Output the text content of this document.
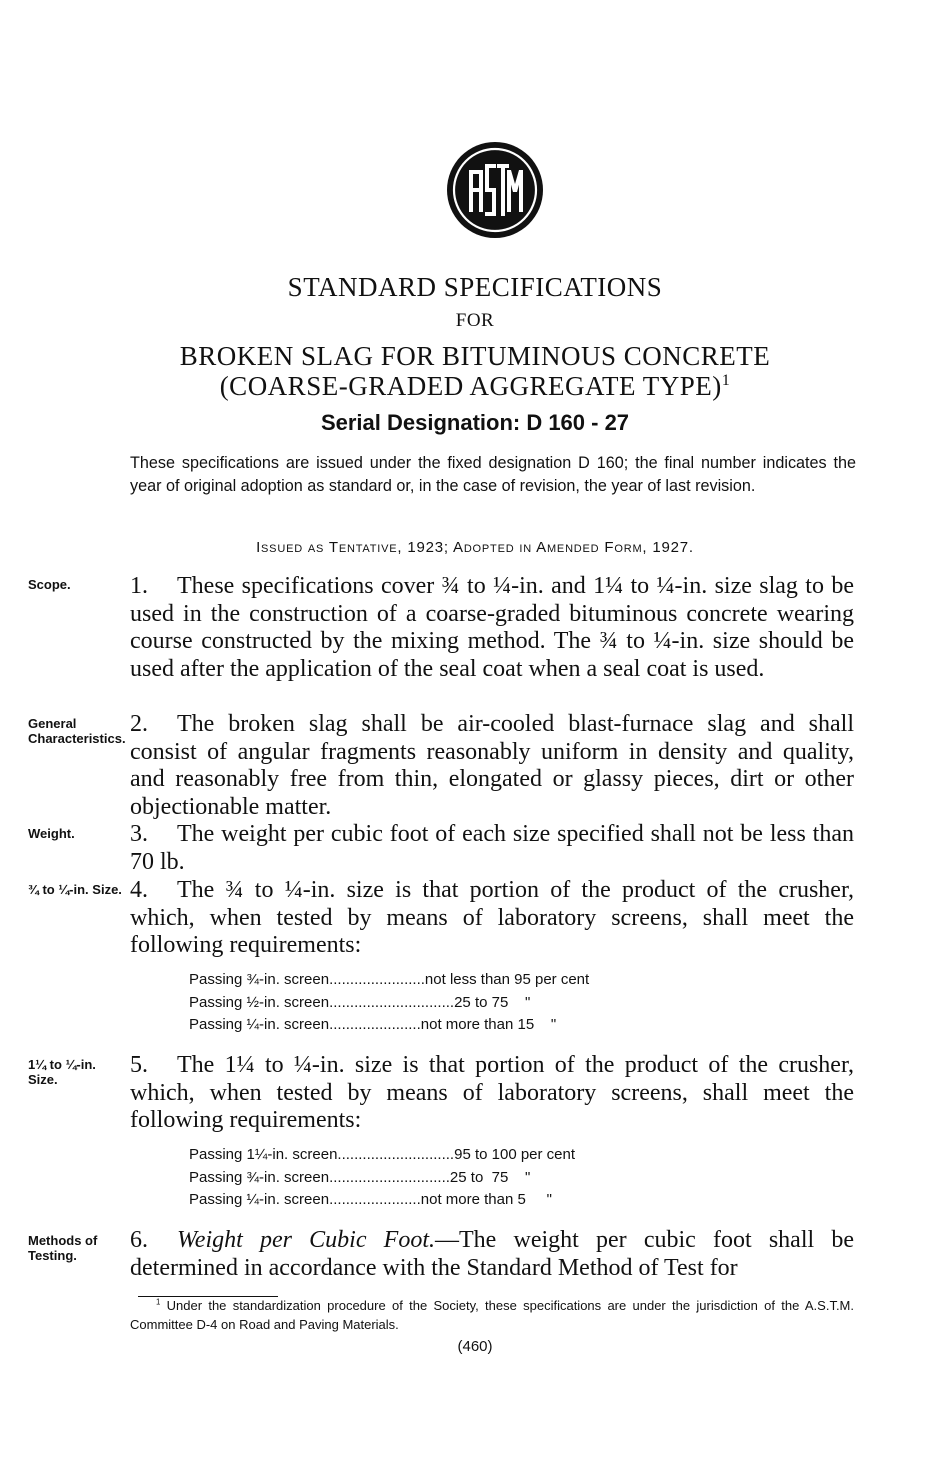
STANDARD SPECIFICATIONS
FOR
BROKEN SLAG FOR BITUMINOUS CONCRETE
(COARSE-GRADED AGGREGATE TYPE)$^1$
Serial Designation: D 160 - 27
These specifications are issued under the fixed designation D 160; the final number indicates the year of original adoption as standard or, in the case of revision, the year of last revision.
Issued as Tentative, 1923; Adopted in Amended Form, 1927.
Scope.	1. These specifications cover ¾ to ¼-in. and 1¼ to ¼-in. size slag to be used in the construction of a coarse-graded bituminous concrete wearing course constructed by the mixing method. The ¾ to ¼-in. size should be used after the application of the seal coat when a seal coat is used.
General Characteristics.
2. The broken slag shall be air-cooled blast-furnace slag and shall consist of angular fragments reasonably uniform in density and quality, and reasonably free from thin, elongated or glassy pieces, dirt or other objectionable matter.
Weight.	3. The weight per cubic foot of each size specified shall not be less than 70 lb.
¾ to ¼-in. Size. 4. The ¾ to ¼-in. size is that portion of the product of the crusher, which, when tested by means of laboratory screens, shall meet the following requirements:
Passing ¾-in. screen.......................not less than 95 per cent
Passing ½-in. screen..............................25 to 75    "
Passing ¼-in. screen......................not more than 15    "
1¼ to ¼-in. Size.
5. The 1¼ to ¼-in. size is that portion of the product of the crusher, which, when tested by means of laboratory screens, shall meet the following requirements:
Passing 1¼-in. screen............................95 to 100 per cent
Passing ¾-in. screen.............................25 to  75    "
Passing ¼-in. screen......................not more than 5     "
Methods of Testing.
6. Weight per Cubic Foot.—The weight per cubic foot shall be determined in accordance with the Standard Method of Test for
$^1$ Under the standardization procedure of the Society, these specifications are under the jurisdiction of the A.S.T.M. Committee D-4 on Road and Paving Materials.
(460)
